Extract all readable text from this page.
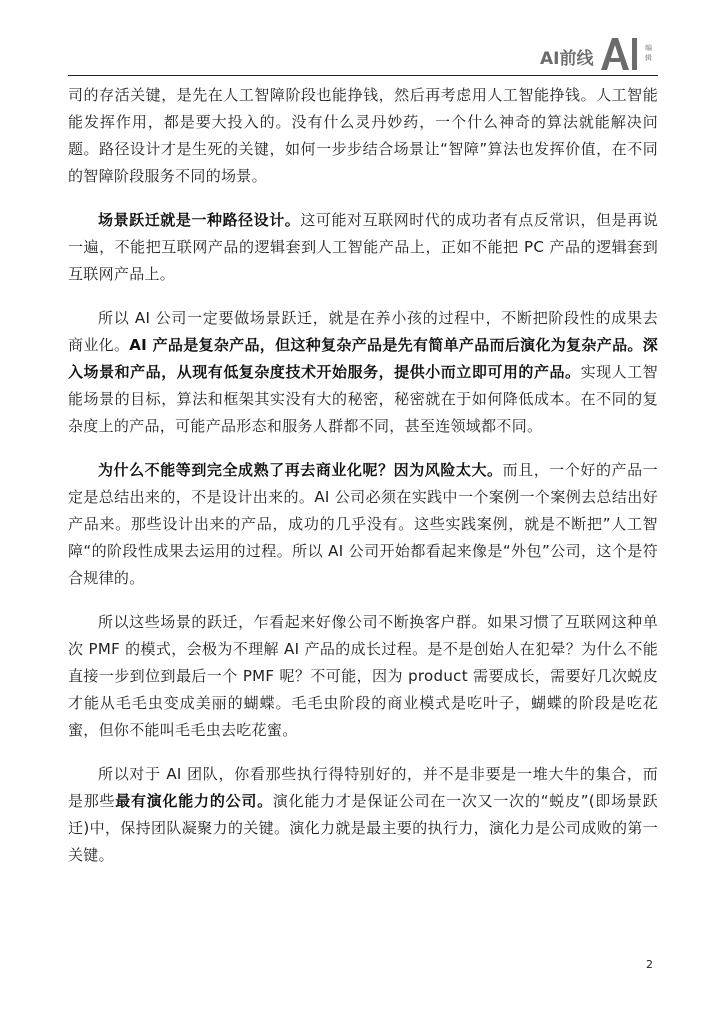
AI前线
编
辑

司的存活关键，是先在人工智障阶段也能挣钱，然后再考虑用人工智能挣钱。人工智能能发挥作用，都是要大投入的。没有什么灵丹妙药，一个什么神奇的算法就能解决问题。路径设计才是生死的关键，如何一步步结合场景让“智障”算法也发挥价值，在不同的智障阶段服务不同的场景。

场景跃迁就是一种路径设计。这可能对互联网时代的成功者有点反常识，但是再说一遍，不能把互联网产品的逻辑套到人工智能产品上，正如不能把 PC 产品的逻辑套到互联网产品上。

所以 AI 公司一定要做场景跃迁，就是在养小孩的过程中，不断把阶段性的成果去商业化。AI 产品是复杂产品，但这种复杂产品是先有简单产品而后演化为复杂产品。深入场景和产品，从现有低复杂度技术开始服务，提供小而立即可用的产品。实现人工智能场景的目标，算法和框架其实没有大的秘密，秘密就在于如何降低成本。在不同的复杂度上的产品，可能产品形态和服务人群都不同，甚至连领域都不同。

为什么不能等到完全成熟了再去商业化呢？因为风险太大。而且，一个好的产品一定是总结出来的，不是设计出来的。AI 公司必须在实践中一个案例一个案例去总结出好产品来。那些设计出来的产品，成功的几乎没有。这些实践案例，就是不断把”人工智障“的阶段性成果去运用的过程。所以 AI 公司开始都看起来像是“外包”公司，这个是符合规律的。

所以这些场景的跃迁，乍看起来好像公司不断换客户群。如果习惯了互联网这种单次 PMF 的模式，会极为不理解 AI 产品的成长过程。是不是创始人在犯晕？为什么不能直接一步到位到最后一个 PMF 呢？不可能，因为 product 需要成长，需要好几次蜕皮才能从毛毛虫变成美丽的蝴蝶。毛毛虫阶段的商业模式是吃叶子，蝴蝶的阶段是吃花蜜，但你不能叫毛毛虫去吃花蜜。

所以对于 AI 团队，你看那些执行得特别好的，并不是非要是一堆大牛的集合，而是那些最有演化能力的公司。演化能力才是保证公司在一次又一次的“蜕皮”(即场景跃迁)中，保持团队凝聚力的关键。演化力就是最主要的执行力，演化力是公司成败的第一关键。

2
